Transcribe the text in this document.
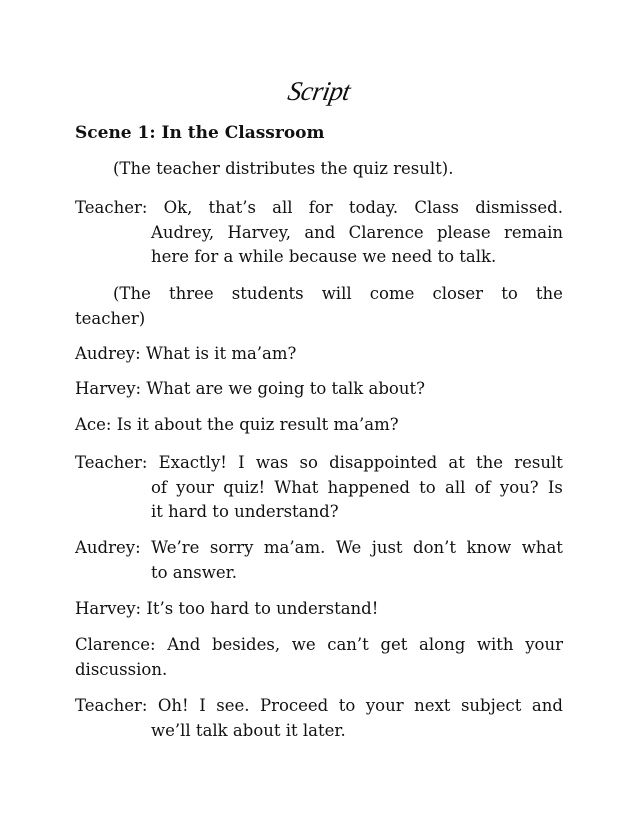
Script
Scene 1: In the Classroom
(The teacher distributes the quiz result).
Teacher: Ok, that’s all for today. Class dismissed.
Audrey, Harvey, and Clarence please remain
here for a while because we need to talk.
(The three students will come closer to the
teacher)
Audrey: What is it ma’am?
Harvey: What are we going to talk about?
Ace: Is it about the quiz result ma’am?
Teacher: Exactly! I was so disappointed at the result
of your quiz! What happened to all of you? Is
it hard to understand?
Audrey: We’re sorry ma’am. We just don’t know what
to answer.
Harvey: It’s too hard to understand!
Clarence: And besides, we can’t get along with your
discussion.
Teacher: Oh! I see. Proceed to your next subject and
we’ll talk about it later.
